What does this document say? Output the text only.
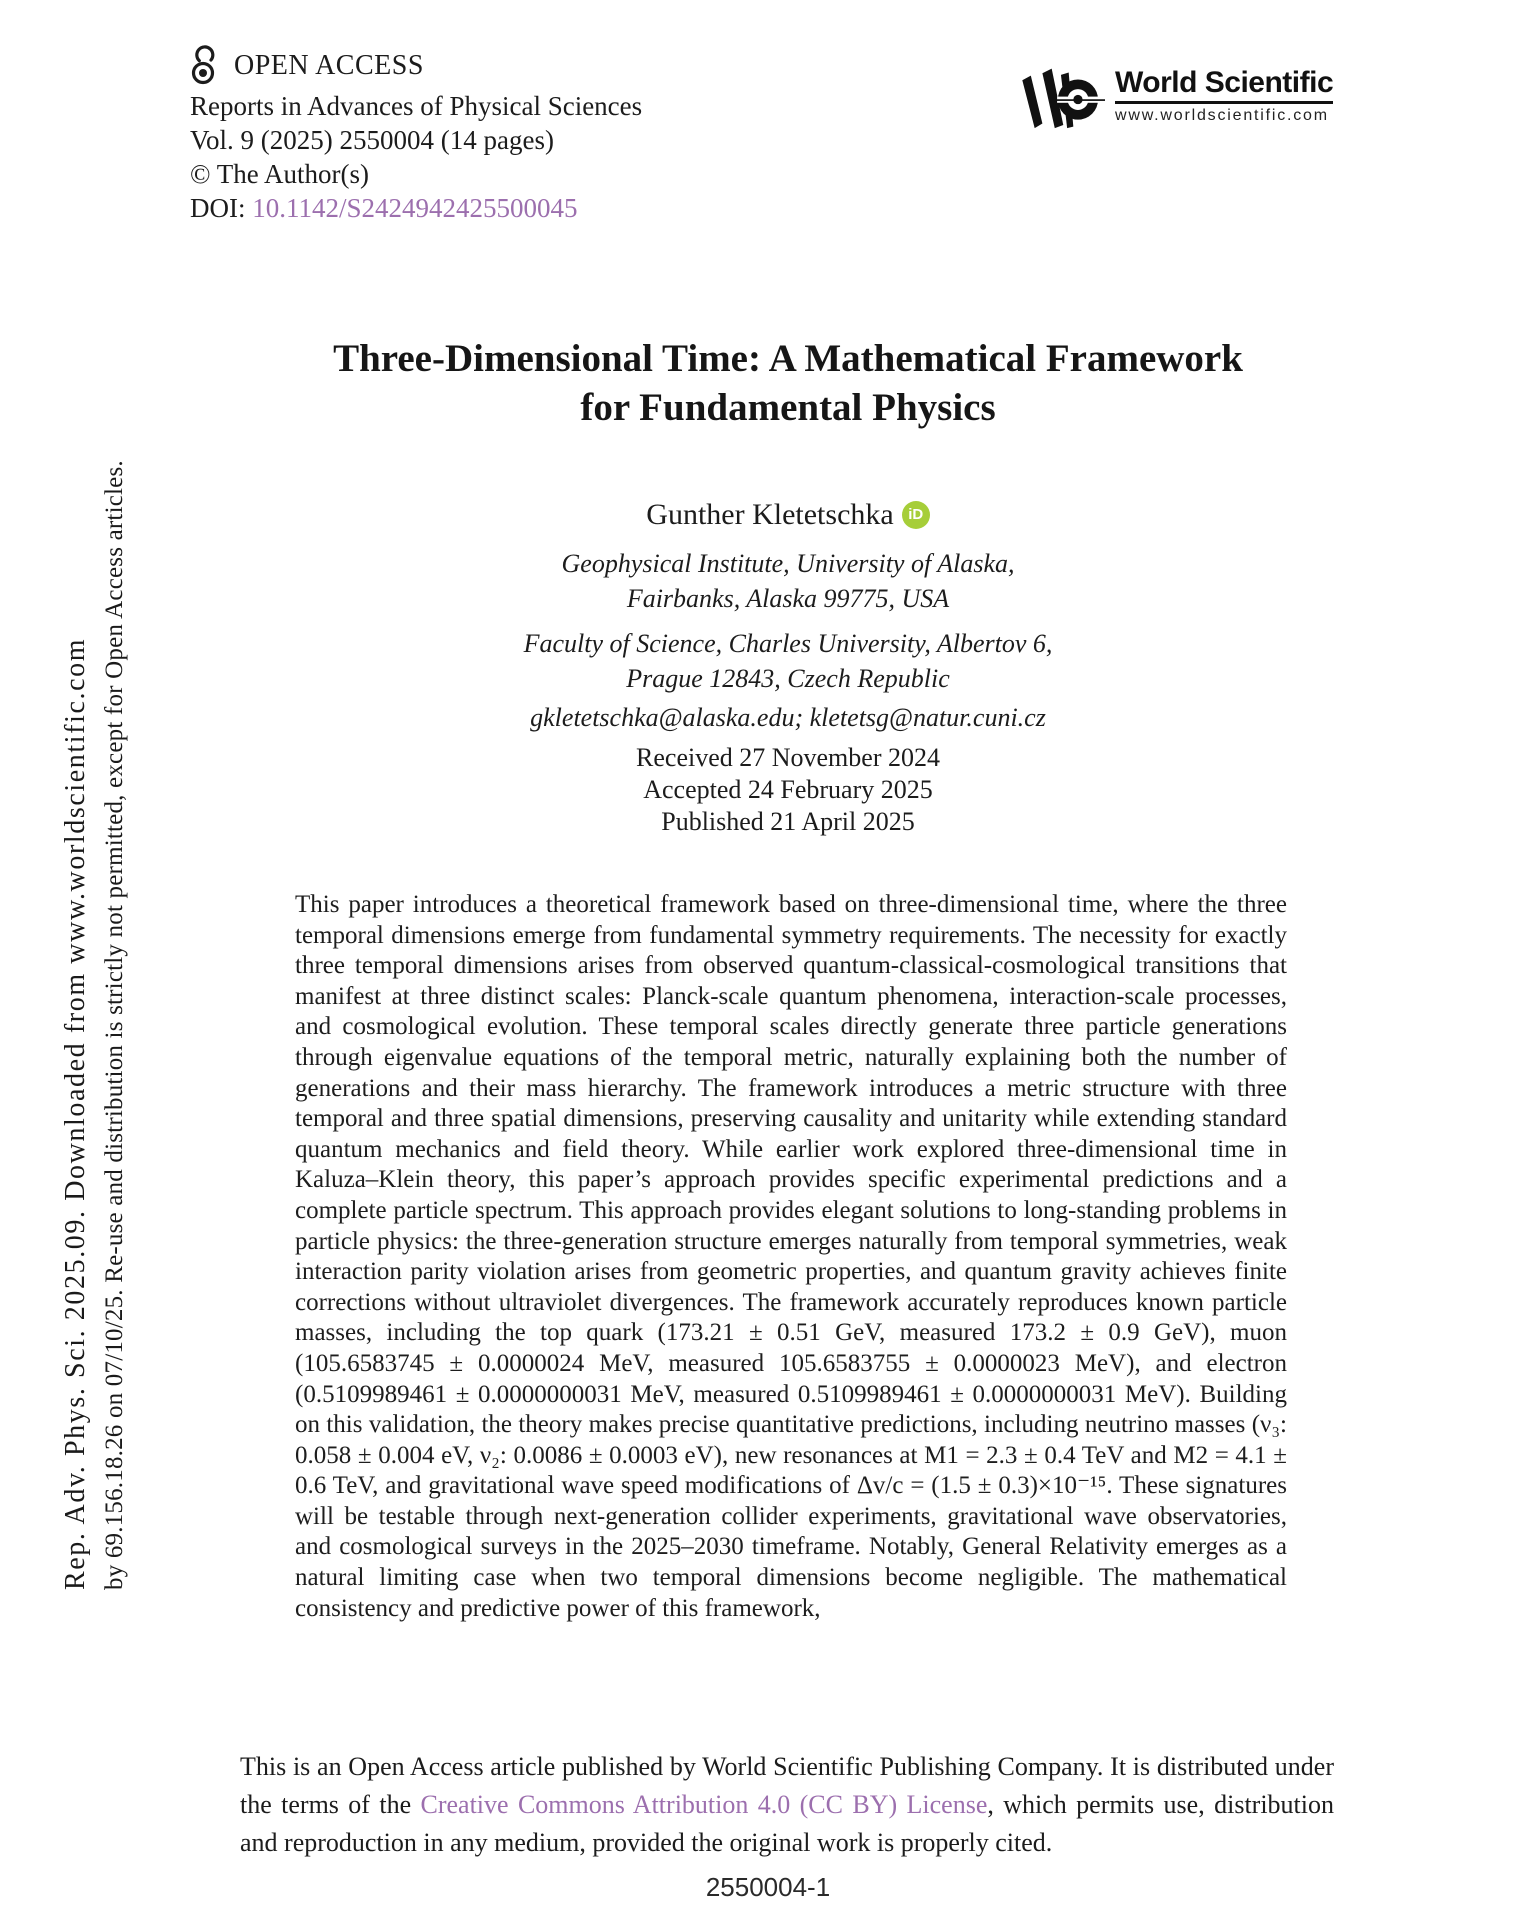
Rep. Adv. Phys. Sci. 2025.09. Downloaded from www.worldscientific.com by 69.156.18.26 on 07/10/25. Re-use and distribution is strictly not permitted, except for Open Access articles.
OPEN ACCESS
Reports in Advances of Physical Sciences
Vol. 9 (2025) 2550004 (14 pages)
© The Author(s)
DOI: 10.1142/S2424942425500045
World Scientific
www.worldscientific.com
Three-Dimensional Time: A Mathematical Framework
for Fundamental Physics
Gunther Kletetschka iD
Geophysical Institute, University of Alaska,
Fairbanks, Alaska 99775, USA
Faculty of Science, Charles University, Albertov 6,
Prague 12843, Czech Republic
gkletetschka@alaska.edu; kletetsg@natur.cuni.cz
Received 27 November 2024
Accepted 24 February 2025
Published 21 April 2025
This paper introduces a theoretical framework based on three-dimensional time, where the three temporal dimensions emerge from fundamental symmetry requirements. The necessity for exactly three temporal dimensions arises from observed quantum-classical-cosmological transitions that manifest at three distinct scales: Planck-scale quantum phenomena, interaction-scale processes, and cosmological evolution. These temporal scales directly generate three particle generations through eigenvalue equations of the temporal metric, naturally explaining both the number of generations and their mass hierarchy. The framework introduces a metric structure with three temporal and three spatial dimensions, preserving causality and unitarity while extending standard quantum mechanics and field theory. While earlier work explored three-dimensional time in Kaluza–Klein theory, this paper’s approach provides specific experimental predictions and a complete particle spectrum. This approach provides elegant solutions to long-standing problems in particle physics: the three-generation structure emerges naturally from temporal symmetries, weak interaction parity violation arises from geometric properties, and quantum gravity achieves finite corrections without ultraviolet divergences. The framework accurately reproduces known particle masses, including the top quark (173.21 ± 0.51 GeV, measured 173.2 ± 0.9 GeV), muon (105.6583745 ± 0.0000024 MeV, measured 105.6583755 ± 0.0000023 MeV), and electron (0.5109989461 ± 0.0000000031 MeV, measured 0.5109989461 ± 0.0000000031 MeV). Building on this validation, the theory makes precise quantitative predictions, including neutrino masses (ν₃: 0.058 ± 0.004 eV, ν₂: 0.0086 ± 0.0003 eV), new resonances at M1 = 2.3 ± 0.4 TeV and M2 = 4.1 ± 0.6 TeV, and gravitational wave speed modifications of Δv/c = (1.5 ± 0.3)×10⁻¹⁵. These signatures will be testable through next-generation collider experiments, gravitational wave observatories, and cosmological surveys in the 2025–2030 timeframe. Notably, General Relativity emerges as a natural limiting case when two temporal dimensions become negligible. The mathematical consistency and predictive power of this framework,
This is an Open Access article published by World Scientific Publishing Company. It is distributed under the terms of the Creative Commons Attribution 4.0 (CC BY) License, which permits use, distribution and reproduction in any medium, provided the original work is properly cited.
2550004-1
